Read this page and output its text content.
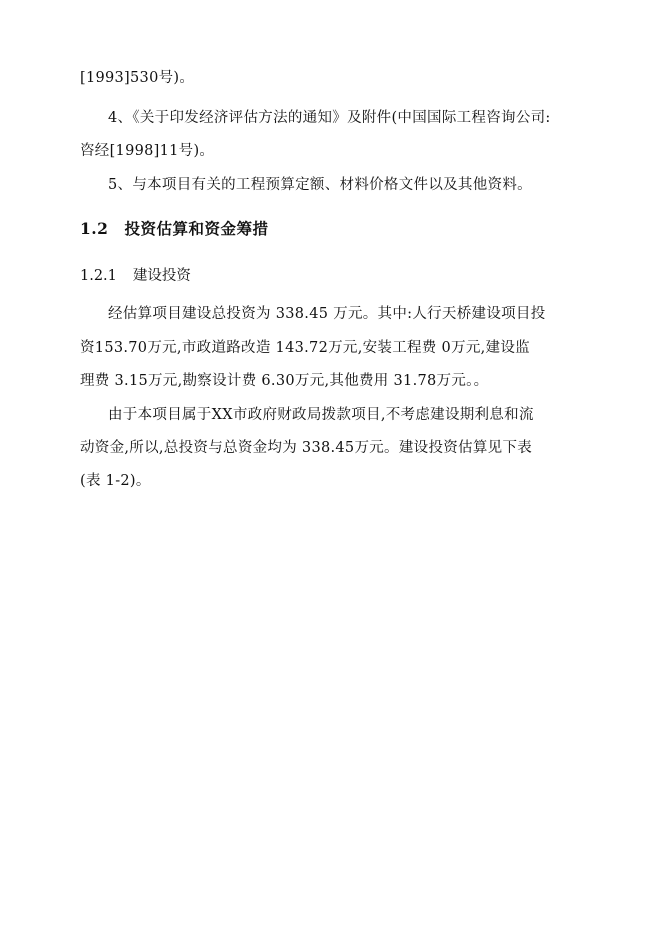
[1993]530号)。
4、《关于印发经济评估方法的通知》及附件(中国国际工程咨询公司:
咨经[1998]11号)。
5、与本项目有关的工程预算定额、材料价格文件以及其他资料。
1.2 投资估算和资金筹措
1.2.1 建设投资
经估算项目建设总投资为 338.45 万元。其中:人行天桥建设项目投
资153.70万元,市政道路改造 143.72万元,安装工程费 0万元,建设监
理费 3.15万元,勘察设计费 6.30万元,其他费用 31.78万元。。
由于本项目属于XX市政府财政局拨款项目,不考虑建设期利息和流
动资金,所以,总投资与总资金均为 338.45万元。建设投资估算见下表
(表 1-2)。
